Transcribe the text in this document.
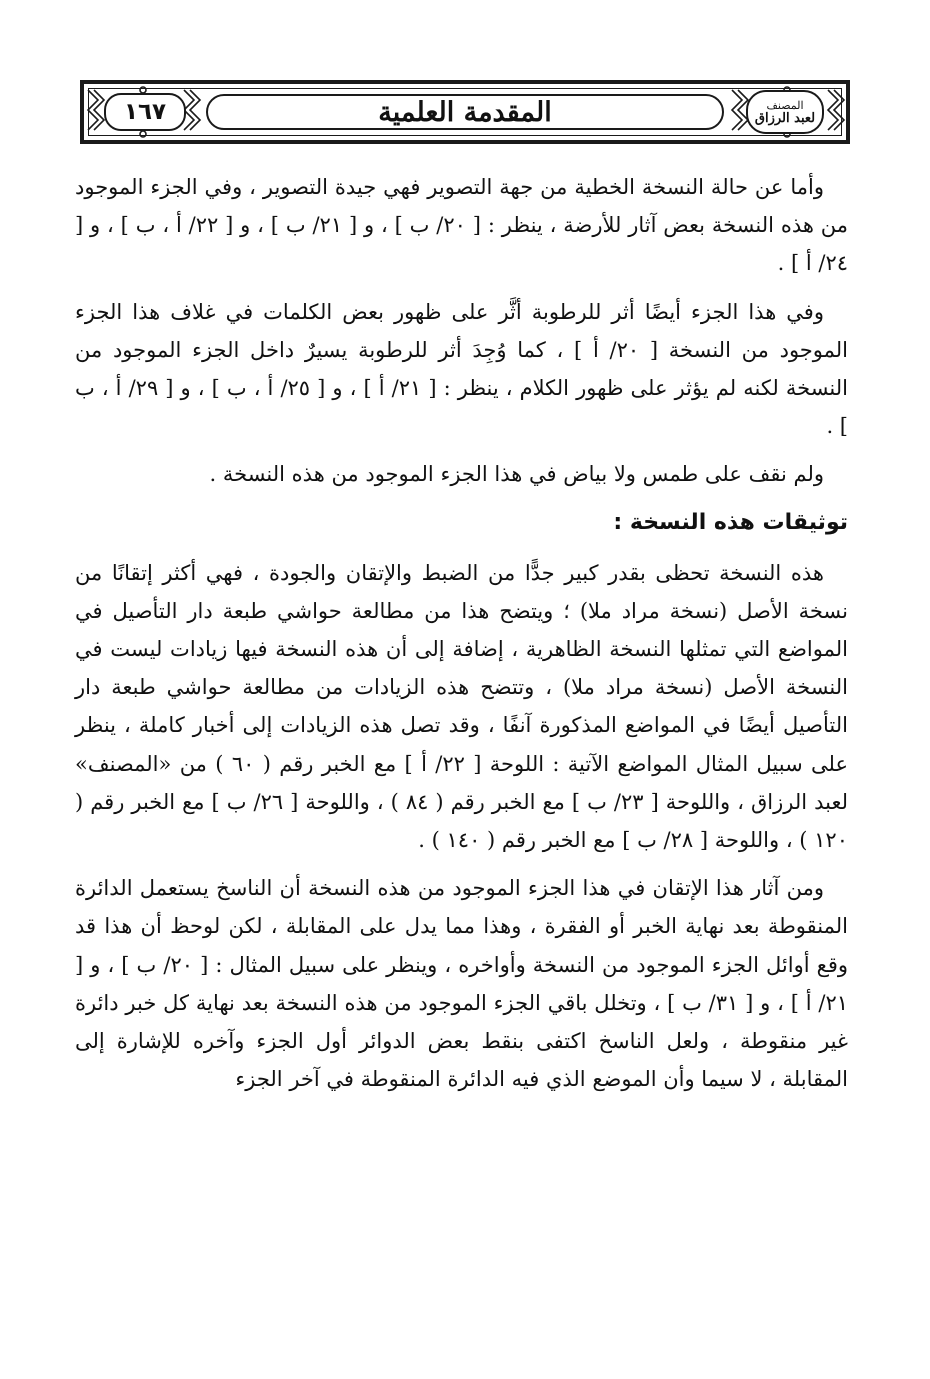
المصنف
لعبد الرزاق
المقدمة العلمية
١٦٧

وأما عن حالة النسخة الخطية من جهة التصوير فهي جيدة التصوير ، وفي الجزء الموجود من هذه النسخة بعض آثار للأرضة ، ينظر : [ ٢٠/ ب ] ، و [ ٢١/ ب ] ، و [ ٢٢/ أ ، ب ] ، و [ ٢٤/ أ ] .

وفي هذا الجزء أيضًا أثر للرطوبة أثَّر على ظهور بعض الكلمات في غلاف هذا الجزء الموجود من النسخة [ ٢٠/ أ ] ، كما وُجِدَ أثر للرطوبة يسيرٌ داخل الجزء الموجود من النسخة لكنه لم يؤثر على ظهور الكلام ، ينظر : [ ٢١/ أ ] ، و [ ٢٥/ أ ، ب ] ، و [ ٢٩/ أ ، ب ] .

ولم نقف على طمس ولا بياض في هذا الجزء الموجود من هذه النسخة .

توثيقات هذه النسخة :

هذه النسخة تحظى بقدر كبير جدًّا من الضبط والإتقان والجودة ، فهي أكثر إتقانًا من نسخة الأصل (نسخة مراد ملا) ؛ ويتضح هذا من مطالعة حواشي طبعة دار التأصيل في المواضع التي تمثلها النسخة الظاهرية ، إضافة إلى أن هذه النسخة فيها زيادات ليست في النسخة الأصل (نسخة مراد ملا) ، وتتضح هذه الزيادات من مطالعة حواشي طبعة دار التأصيل أيضًا في المواضع المذكورة آنفًا ، وقد تصل هذه الزيادات إلى أخبار كاملة ، ينظر على سبيل المثال المواضع الآتية : اللوحة [ ٢٢/ أ ] مع الخبر رقم ( ٦٠ ) من «المصنف» لعبد الرزاق ، واللوحة [ ٢٣/ ب ] مع الخبر رقم ( ٨٤ ) ، واللوحة [ ٢٦/ ب ] مع الخبر رقم ( ١٢٠ ) ، واللوحة [ ٢٨/ ب ] مع الخبر رقم ( ١٤٠ ) .

ومن آثار هذا الإتقان في هذا الجزء الموجود من هذه النسخة أن الناسخ يستعمل الدائرة المنقوطة بعد نهاية الخبر أو الفقرة ، وهذا مما يدل على المقابلة ، لكن لوحظ أن هذا قد وقع أوائل الجزء الموجود من النسخة وأواخره ، وينظر على سبيل المثال : [ ٢٠/ ب ] ، و [ ٢١/ أ ] ، و [ ٣١/ ب ] ، وتخلل باقي الجزء الموجود من هذه النسخة بعد نهاية كل خبر دائرة غير منقوطة ، ولعل الناسخ اكتفى بنقط بعض الدوائر أول الجزء وآخره للإشارة إلى المقابلة ، لا سيما وأن الموضع الذي فيه الدائرة المنقوطة في آخر الجزء
